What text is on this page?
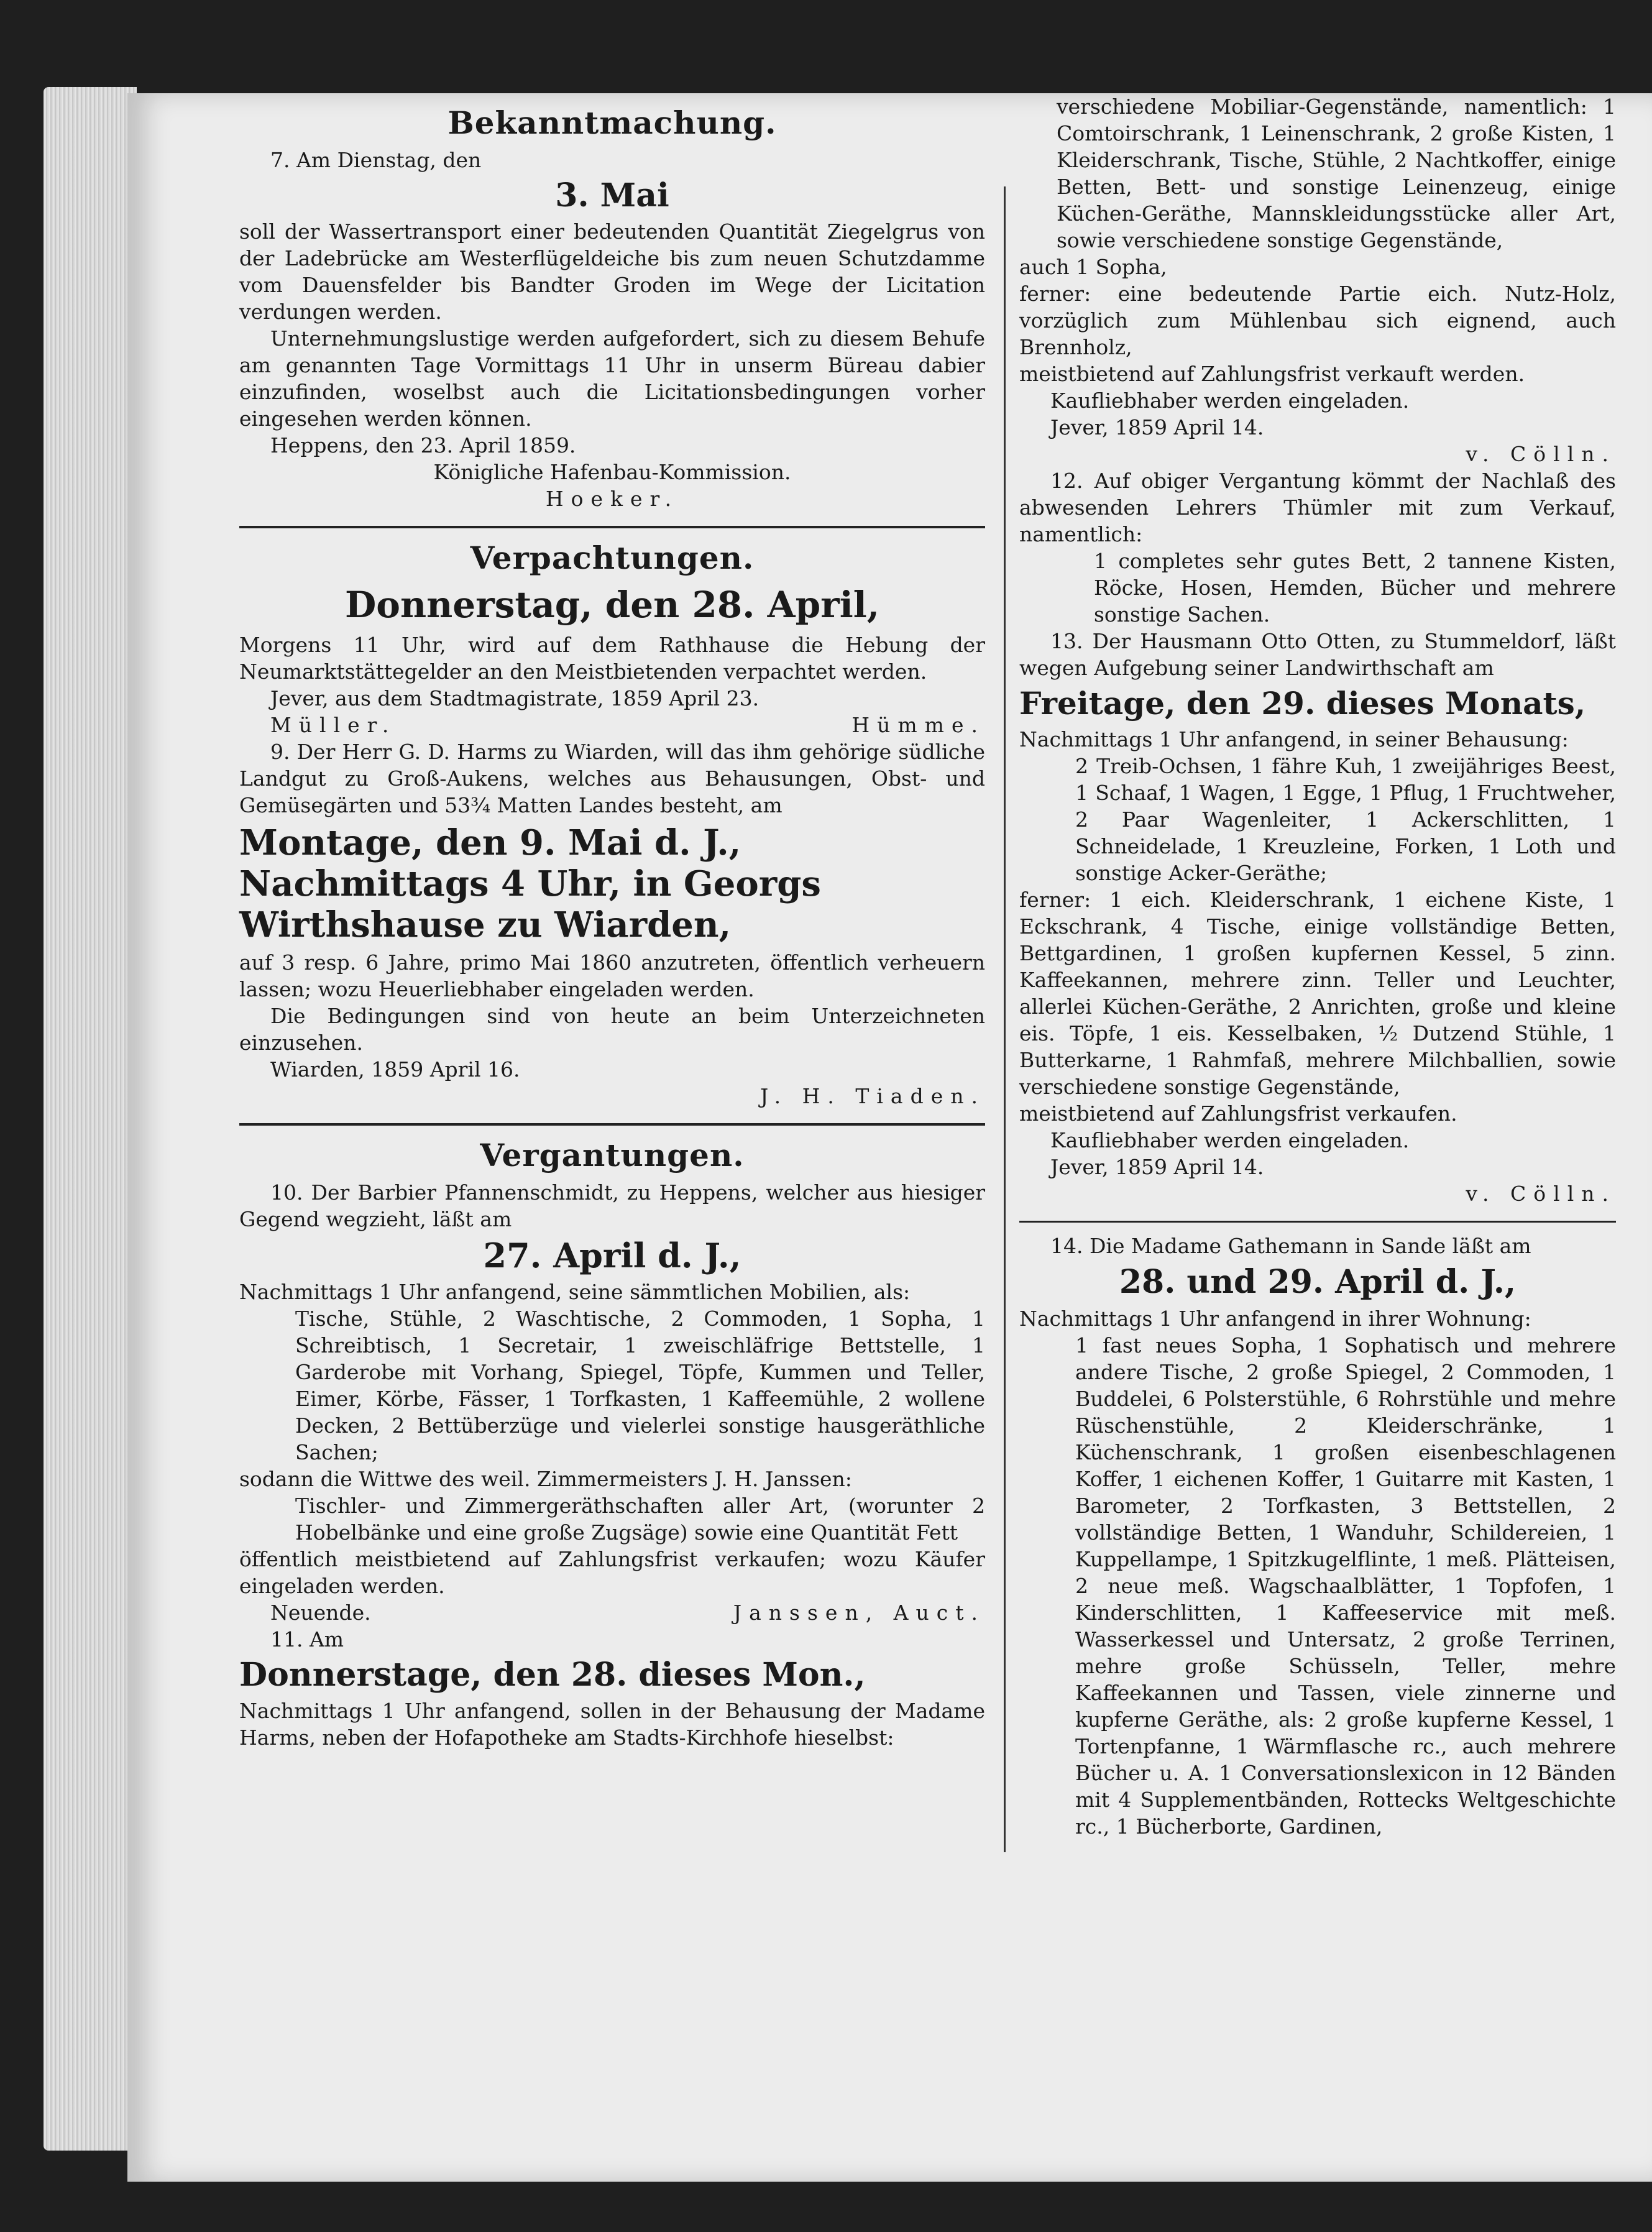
Bekanntmachung.

7. Am Dienstag, den

3. Mai

soll der Wassertransport einer bedeutenden Quantität Ziegelgrus von der Ladebrücke am Westerflügeldeiche bis zum neuen Schutzdamme vom Dauensfelder bis Bandter Groden im Wege der Licitation verdungen werden.

Unternehmungslustige werden aufgefordert, sich zu diesem Behufe am genannten Tage Vormittags 11 Uhr in unserm Büreau dabier einzufinden, woselbst auch die Licitationsbedingungen vorher eingesehen werden können.

Heppens, den 23. April 1859.

Königliche Hafenbau-Kommission.

Hoeker.

Verpachtungen.
Donnerstag, den 28. April,

Morgens 11 Uhr, wird auf dem Rathhause die Hebung der Neumarktstättegelder an den Meistbietenden verpachtet werden.

Jever, aus dem Stadtmagistrate, 1859 April 23.

Müller.	Hümme.

9. Der Herr G. D. Harms zu Wiarden, will das ihm gehörige südliche Landgut zu Groß-Aukens, welches aus Behausungen, Obst- und Gemüsegärten und 53¾ Matten Landes besteht, am

Montage, den 9. Mai d. J., Nachmittags 4 Uhr, in Georgs Wirthshause zu Wiarden,

auf 3 resp. 6 Jahre, primo Mai 1860 anzutreten, öffentlich verheuern lassen; wozu Heuerliebhaber eingeladen werden.

Die Bedingungen sind von heute an beim Unterzeichneten einzusehen.

Wiarden, 1859 April 16.

J. H. Tiaden.

Vergantungen.

10. Der Barbier Pfannenschmidt, zu Heppens, welcher aus hiesiger Gegend wegzieht, läßt am

27. April d. J.,

Nachmittags 1 Uhr anfangend, seine sämmtlichen Mobilien, als:

Tische, Stühle, 2 Waschtische, 2 Commoden, 1 Sopha, 1 Schreibtisch, 1 Secretair, 1 zweischläfrige Bettstelle, 1 Garderobe mit Vorhang, Spiegel, Töpfe, Kummen und Teller, Eimer, Körbe, Fässer, 1 Torfkasten, 1 Kaffeemühle, 2 wollene Decken, 2 Bettüberzüge und vielerlei sonstige hausgeräthliche Sachen;

sodann die Wittwe des weil. Zimmermeisters J. H. Janssen:

Tischler- und Zimmergeräthschaften aller Art, (worunter 2 Hobelbänke und eine große Zugsäge) sowie eine Quantität Fett

öffentlich meistbietend auf Zahlungsfrist verkaufen; wozu Käufer eingeladen werden.

Neuende.	Janssen, Auct.

11. Am

Donnerstage, den 28. dieses Mon.,

Nachmittags 1 Uhr anfangend, sollen in der Behausung der Madame Harms, neben der Hofapotheke am Stadts-Kirchhofe hieselbst:

verschiedene Mobiliar-Gegenstände, namentlich: 1 Comtoirschrank, 1 Leinenschrank, 2 große Kisten, 1 Kleiderschrank, Tische, Stühle, 2 Nachtkoffer, einige Betten, Bett- und sonstige Leinenzeug, einige Küchen-Geräthe, Mannskleidungsstücke aller Art, sowie verschiedene sonstige Gegenstände,

auch 1 Sopha,

ferner: eine bedeutende Partie eich. Nutz-Holz, vorzüglich zum Mühlenbau sich eignend, auch Brennholz,

meistbietend auf Zahlungsfrist verkauft werden.

Kaufliebhaber werden eingeladen.

Jever, 1859 April 14.

v. Cölln.

12. Auf obiger Vergantung kömmt der Nachlaß des abwesenden Lehrers Thümler mit zum Verkauf, namentlich:

1 completes sehr gutes Bett, 2 tannene Kisten, Röcke, Hosen, Hemden, Bücher und mehrere sonstige Sachen.

13. Der Hausmann Otto Otten, zu Stummeldorf, läßt wegen Aufgebung seiner Landwirthschaft am

Freitage, den 29. dieses Monats,

Nachmittags 1 Uhr anfangend, in seiner Behausung:

2 Treib-Ochsen, 1 fähre Kuh, 1 zweijähriges Beest, 1 Schaaf, 1 Wagen, 1 Egge, 1 Pflug, 1 Fruchtweher, 2 Paar Wagenleiter, 1 Ackerschlitten, 1 Schneidelade, 1 Kreuzleine, Forken, 1 Loth und sonstige Acker-Geräthe;

ferner: 1 eich. Kleiderschrank, 1 eichene Kiste, 1 Eckschrank, 4 Tische, einige vollständige Betten, Bettgardinen, 1 großen kupfernen Kessel, 5 zinn. Kaffeekannen, mehrere zinn. Teller und Leuchter, allerlei Küchen-Geräthe, 2 Anrichten, große und kleine eis. Töpfe, 1 eis. Kesselbaken, ½ Dutzend Stühle, 1 Butterkarne, 1 Rahmfaß, mehrere Milchballien, sowie verschiedene sonstige Gegenstände,

meistbietend auf Zahlungsfrist verkaufen.

Kaufliebhaber werden eingeladen.

Jever, 1859 April 14.

v. Cölln.

14. Die Madame Gathemann in Sande läßt am

28. und 29. April d. J.,

Nachmittags 1 Uhr anfangend in ihrer Wohnung:

1 fast neues Sopha, 1 Sophatisch und mehrere andere Tische, 2 große Spiegel, 2 Commoden, 1 Buddelei, 6 Polsterstühle, 6 Rohrstühle und mehre Rüschenstühle, 2 Kleiderschränke, 1 Küchenschrank, 1 großen eisenbeschlagenen Koffer, 1 eichenen Koffer, 1 Guitarre mit Kasten, 1 Barometer, 2 Torfkasten, 3 Bettstellen, 2 vollständige Betten, 1 Wanduhr, Schildereien, 1 Kuppellampe, 1 Spitzkugelflinte, 1 meß. Plätteisen, 2 neue meß. Wagschaalblätter, 1 Topfofen, 1 Kinderschlitten, 1 Kaffeeservice mit meß. Wasserkessel und Untersatz, 2 große Terrinen, mehre große Schüsseln, Teller, mehre Kaffeekannen und Tassen, viele zinnerne und kupferne Geräthe, als: 2 große kupferne Kessel, 1 Tortenpfanne, 1 Wärmflasche rc., auch mehrere Bücher u. A. 1 Conversationslexicon in 12 Bänden mit 4 Supplementbänden, Rottecks Weltgeschichte rc., 1 Bücherborte, Gardinen,
